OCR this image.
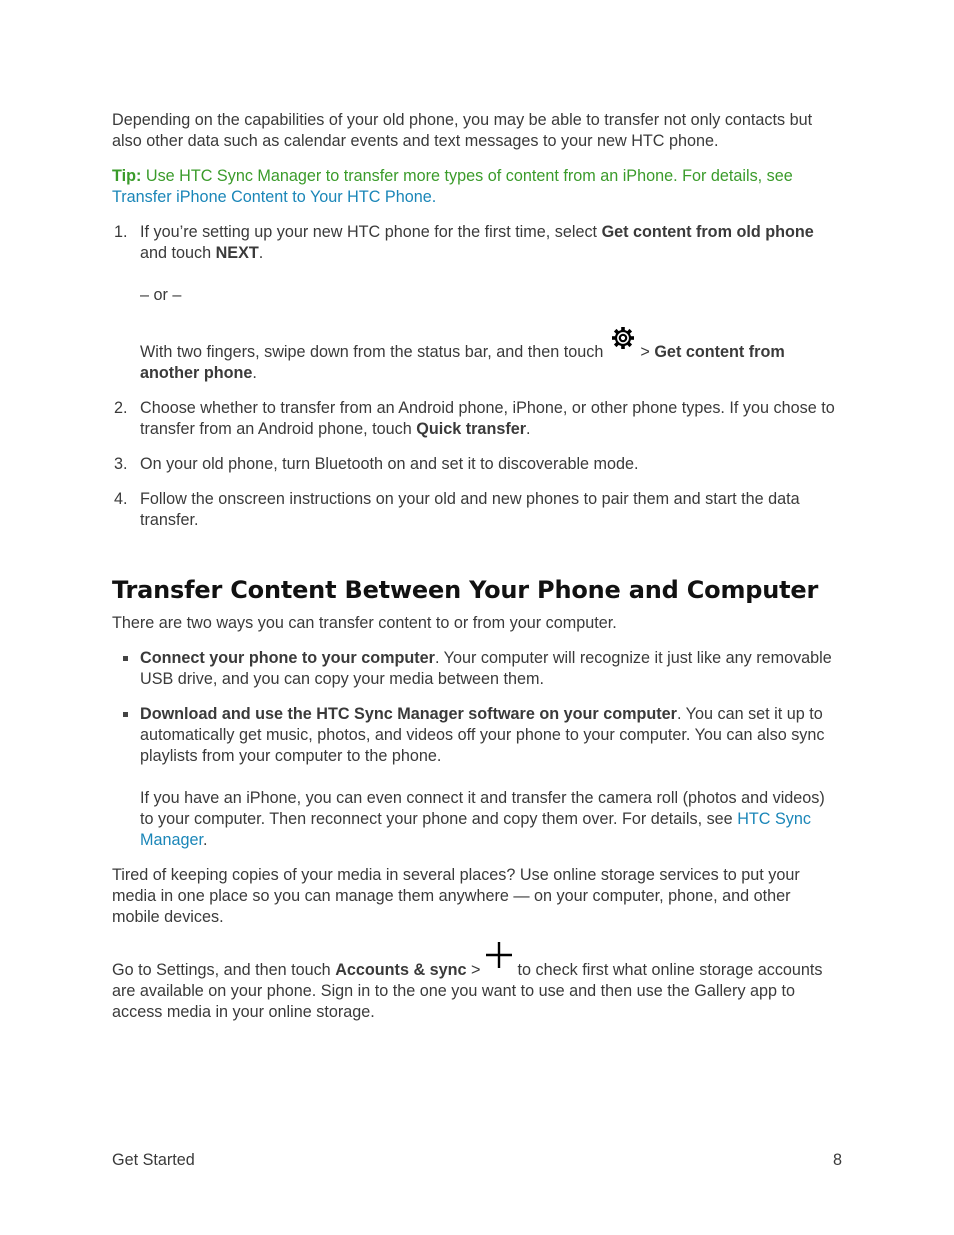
Depending on the capabilities of your old phone, you may be able to transfer not only contacts but also other data such as calendar events and text messages to your new HTC phone.

Tip: Use HTC Sync Manager to transfer more types of content from an iPhone. For details, see Transfer iPhone Content to Your HTC Phone.

1. If you’re setting up your new HTC phone for the first time, select Get content from old phone and touch NEXT.

– or –

With two fingers, swipe down from the status bar, and then touch  > Get content from another phone.

2. Choose whether to transfer from an Android phone, iPhone, or other phone types. If you chose to transfer from an Android phone, touch Quick transfer.

3. On your old phone, turn Bluetooth on and set it to discoverable mode.

4. Follow the onscreen instructions on your old and new phones to pair them and start the data transfer.

Transfer Content Between Your Phone and Computer

There are two ways you can transfer content to or from your computer.

Connect your phone to your computer. Your computer will recognize it just like any removable USB drive, and you can copy your media between them.

Download and use the HTC Sync Manager software on your computer. You can set it up to automatically get music, photos, and videos off your phone to your computer. You can also sync playlists from your computer to the phone.

If you have an iPhone, you can even connect it and transfer the camera roll (photos and videos) to your computer. Then reconnect your phone and copy them over. For details, see HTC Sync Manager.

Tired of keeping copies of your media in several places? Use online storage services to put your media in one place so you can manage them anywhere — on your computer, phone, and other mobile devices.

Go to Settings, and then touch Accounts & sync >  to check first what online storage accounts are available on your phone. Sign in to the one you want to use and then use the Gallery app to access media in your online storage.

Get Started	8
